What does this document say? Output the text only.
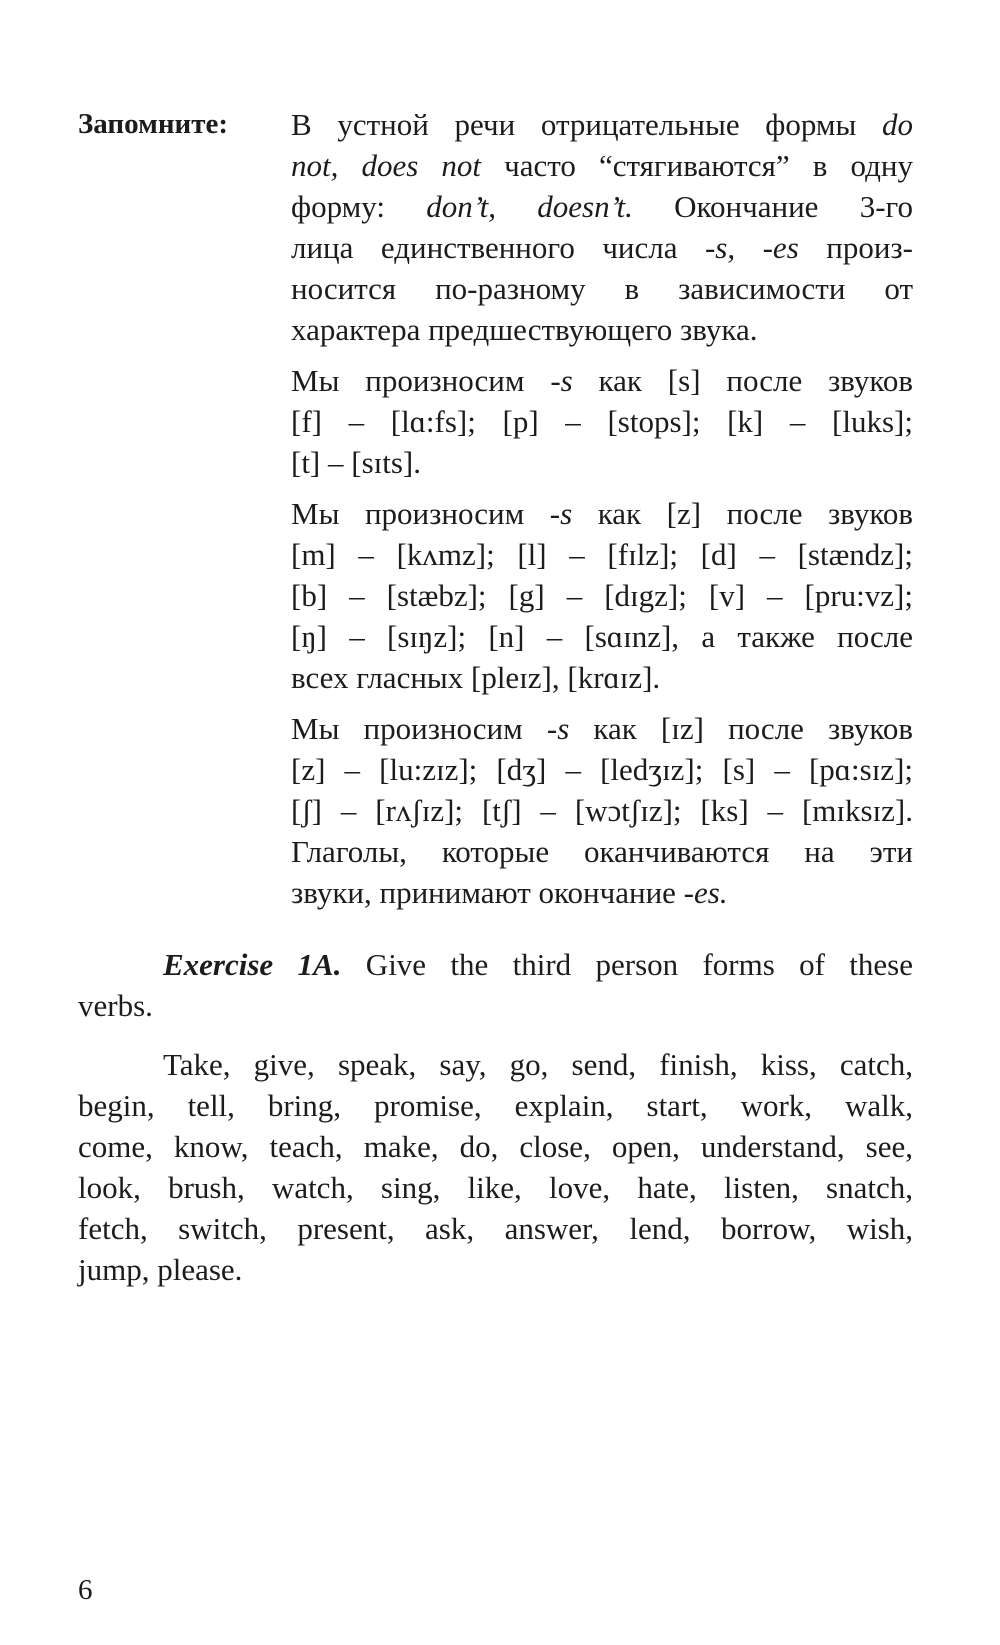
Запомните: В устной речи отрицательные формы do
not, does not часто “стягиваются” в одну
форму: don’t, doesn’t. Окончание 3-го
лица единственного числа -s, -es произ-
носится по-разному в зависимости от
характера предшествующего звука.
Мы произносим -s как [s] после звуков
[f] – [lɑ:fs]; [p] – [stops]; [k] – [luks];
[t] – [sɪts].
Мы произносим -s как [z] после звуков
[m] – [kʌmz]; [l] – [fɪlz]; [d] – [stændz];
[b] – [stæbz]; [g] – [dɪgz]; [v] – [pru:vz];
[ŋ] – [sɪŋz]; [n] – [sɑɪnz], а также после
всех гласных [pleɪz], [krɑɪz].
Мы произносим -s как [ɪz] после звуков
[z] – [lu:zɪz]; [dʒ] – [ledʒɪz]; [s] – [pɑ:sɪz];
[ʃ] – [rʌʃɪz]; [tʃ] – [wɔtʃɪz]; [ks] – [mɪksɪz].
Глаголы, которые оканчиваются на эти
звуки, принимают окончание -es.
Exercise 1A. Give the third person forms of these
verbs.
Take, give, speak, say, go, send, finish, kiss, catch,
begin, tell, bring, promise, explain, start, work, walk,
come, know, teach, make, do, close, open, understand, see,
look, brush, watch, sing, like, love, hate, listen, snatch,
fetch, switch, present, ask, answer, lend, borrow, wish,
jump, please.
6
